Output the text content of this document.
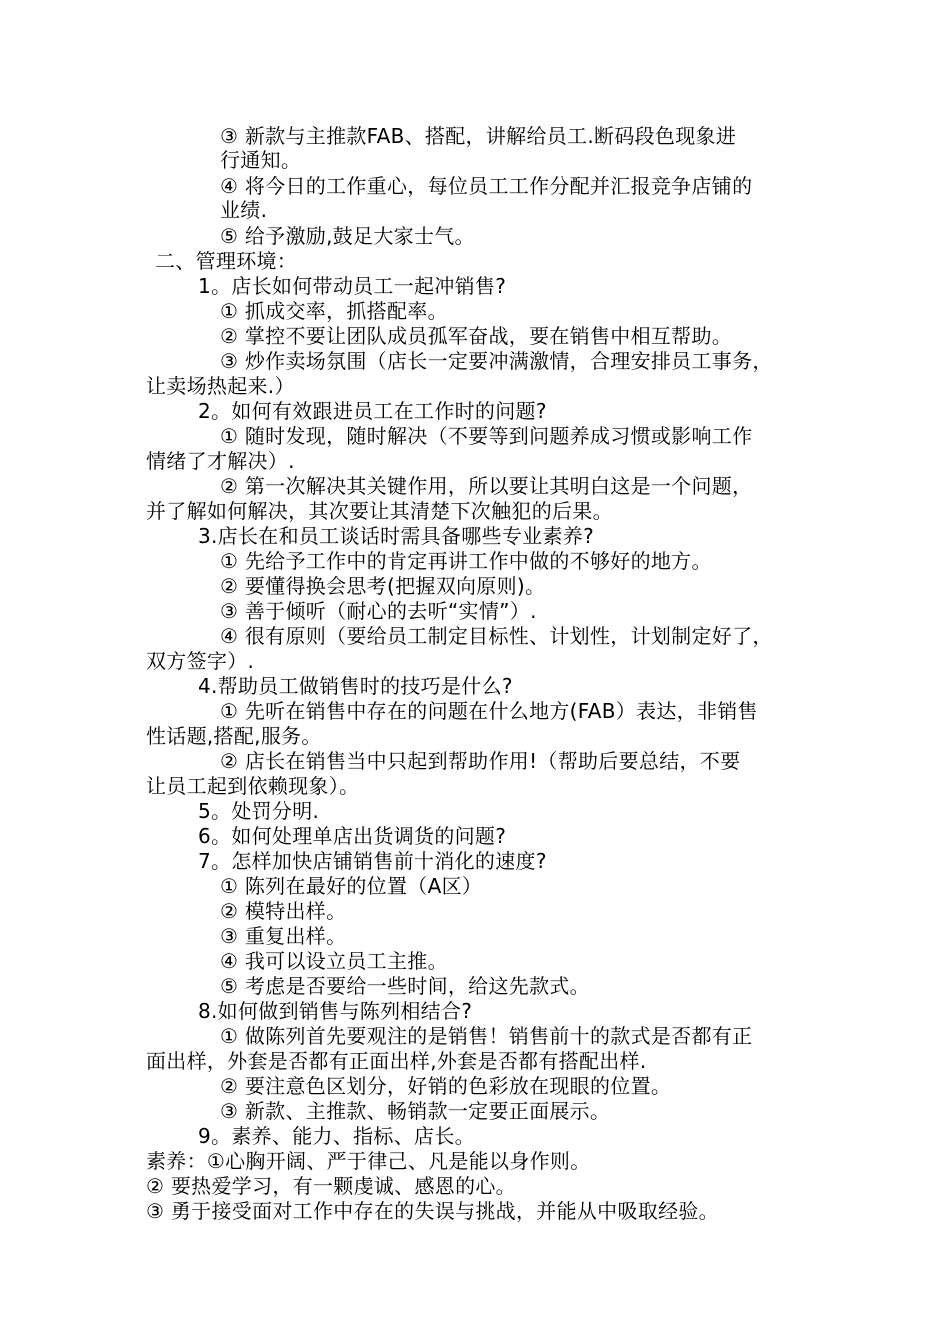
③ 新款与主推款FAB、搭配，讲解给员工.断码段色现象进
行通知。
④ 将今日的工作重心，每位员工工作分配并汇报竞争店铺的
业绩.
⑤ 给予激励,鼓足大家士气。
二、管理环境：
1。店长如何带动员工一起冲销售?
① 抓成交率，抓搭配率。
② 掌控不要让团队成员孤军奋战，要在销售中相互帮助。
③ 炒作卖场氛围（店长一定要冲满激情，合理安排员工事务，
让卖场热起来.）
2。如何有效跟进员工在工作时的问题?
① 随时发现，随时解决（不要等到问题养成习惯或影响工作
情绪了才解决）.
② 第一次解决其关键作用，所以要让其明白这是一个问题，
并了解如何解决，其次要让其清楚下次触犯的后果。
3.店长在和员工谈话时需具备哪些专业素养?
① 先给予工作中的肯定再讲工作中做的不够好的地方。
② 要懂得换会思考(把握双向原则)。
③ 善于倾听（耐心的去听“实情”）.
④ 很有原则（要给员工制定目标性、计划性，计划制定好了，
双方签字）.
4.帮助员工做销售时的技巧是什么?
① 先听在销售中存在的问题在什么地方(FAB）表达，非销售
性话题,搭配,服务。
② 店长在销售当中只起到帮助作用!（帮助后要总结，不要
让员工起到依赖现象）。
5。处罚分明.
6。如何处理单店出货调货的问题?
7。怎样加快店铺销售前十消化的速度?
① 陈列在最好的位置（A区）
② 模特出样。
③ 重复出样。
④ 我可以设立员工主推。
⑤ 考虑是否要给一些时间，给这先款式。
8.如何做到销售与陈列相结合?
① 做陈列首先要观注的是销售！销售前十的款式是否都有正
面出样，外套是否都有正面出样,外套是否都有搭配出样.
② 要注意色区划分，好销的色彩放在现眼的位置。
③ 新款、主推款、畅销款一定要正面展示。
9。素养、能力、指标、店长。
素养：①心胸开阔、严于律己、凡是能以身作则。
② 要热爱学习，有一颗虔诚、感恩的心。
③ 勇于接受面对工作中存在的失误与挑战，并能从中吸取经验。
